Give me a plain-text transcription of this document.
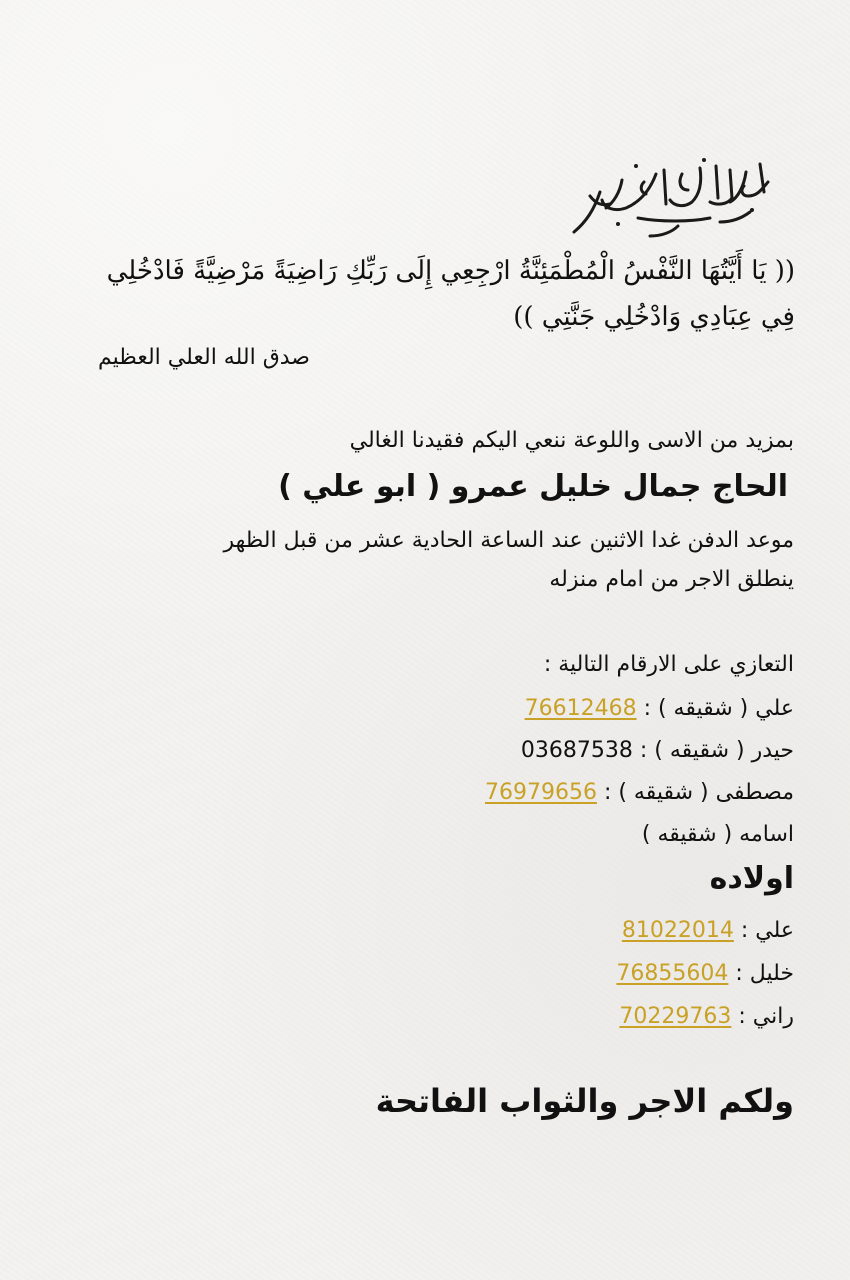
(( يَا أَيَّتُهَا النَّفْسُ الْمُطْمَئِنَّةُ ارْجِعِي إِلَى رَبِّكِ رَاضِيَةً مَرْضِيَّةً فَادْخُلِي فِي عِبَادِي وَادْخُلِي جَنَّتِي ))
صدق الله العلي العظيم
بمزيد من الاسى واللوعة ننعي اليكم فقيدنا الغالي
الحاج جمال خليل عمرو ( ابو علي )
موعد الدفن غدا الاثنين عند الساعة الحادية عشر من قبل الظهر
ينطلق الاجر من امام منزله
التعازي على الارقام التالية :
علي ( شقيقه ) : 76612468
حيدر ( شقيقه ) : 03687538
مصطفى ( شقيقه ) : 76979656
اسامه ( شقيقه )
اولاده
علي : 81022014
خليل : 76855604
راني : 70229763
ولكم الاجر والثواب الفاتحة
